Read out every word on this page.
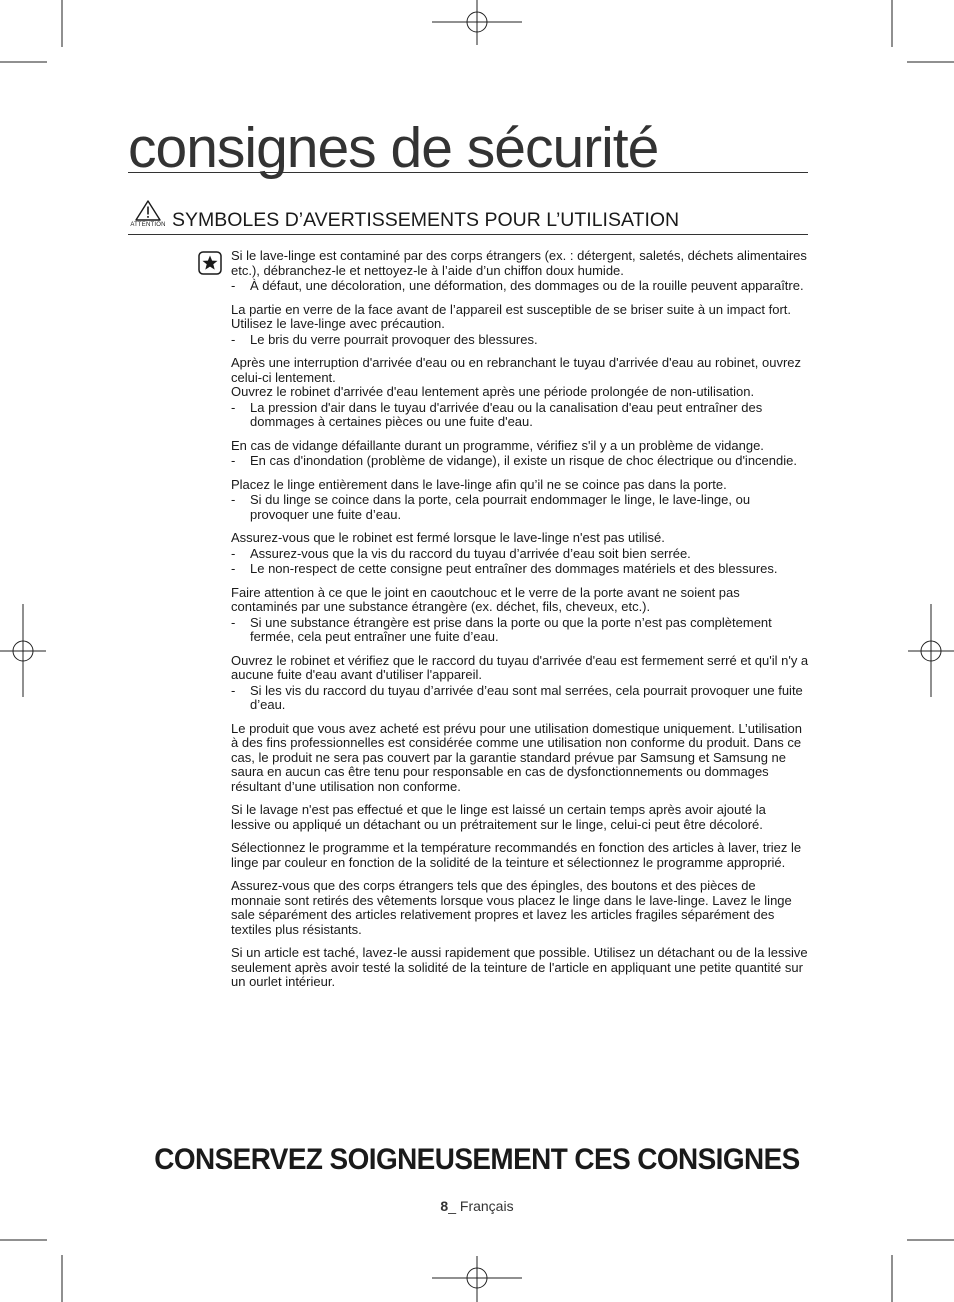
consignes de sécurité
ATTENTION SYMBOLES D’AVERTISSEMENTS POUR L’UTILISATION

Si le lave-linge est contaminé par des corps étrangers (ex. : détergent, saletés, déchets alimentaires etc.), débranchez-le et nettoyez-le à l’aide d’un chiffon doux humide.

-	À défaut, une décoloration, une déformation, des dommages ou de la rouille peuvent apparaître.

La partie en verre de la face avant de l’appareil est susceptible de se briser suite à un impact fort. Utilisez le lave-linge avec précaution.

-	Le bris du verre pourrait provoquer des blessures.

Après une interruption d'arrivée d'eau ou en rebranchant le tuyau d'arrivée d'eau au robinet, ouvrez celui-ci lentement.

Ouvrez le robinet d'arrivée d'eau lentement après une période prolongée de non-utilisation.

-	La pression d'air dans le tuyau d'arrivée d'eau ou la canalisation d'eau peut entraîner des dommages à certaines pièces ou une fuite d'eau.

En cas de vidange défaillante durant un programme, vérifiez s'il y a un problème de vidange.

-	En cas d'inondation (problème de vidange), il existe un risque de choc électrique ou d'incendie.

Placez le linge entièrement dans le lave-linge afin qu’il ne se coince pas dans la porte.

-	Si du linge se coince dans la porte, cela pourrait endommager le linge, le lave-linge, ou provoquer une fuite d’eau.

Assurez-vous que le robinet est fermé lorsque le lave-linge n'est pas utilisé.

-	Assurez-vous que la vis du raccord du tuyau d’arrivée d’eau soit bien serrée.
-	Le non-respect de cette consigne peut entraîner des dommages matériels et des blessures.

Faire attention à ce que le joint en caoutchouc et le verre de la porte avant ne soient pas contaminés par une substance étrangère (ex. déchet, fils, cheveux, etc.).

-	Si une substance étrangère est prise dans la porte ou que la porte n’est pas complètement fermée, cela peut entraîner une fuite d’eau.

Ouvrez le robinet et vérifiez que le raccord du tuyau d'arrivée d'eau est fermement serré et qu'il n'y a aucune fuite d'eau avant d'utiliser l'appareil.

-	Si les vis du raccord du tuyau d’arrivée d’eau sont mal serrées, cela pourrait provoquer une fuite d’eau.

Le produit que vous avez acheté est prévu pour une utilisation domestique uniquement. L’utilisation à des fins professionnelles est considérée comme une utilisation non conforme du produit. Dans ce cas, le produit ne sera pas couvert par la garantie standard prévue par Samsung et Samsung ne saura en aucun cas être tenu pour responsable en cas de dysfonctionnements ou dommages résultant d’une utilisation non conforme.

Si le lavage n'est pas effectué et que le linge est laissé un certain temps après avoir ajouté la lessive ou appliqué un détachant ou un prétraitement sur le linge, celui-ci peut être décoloré.

Sélectionnez le programme et la température recommandés en fonction des articles à laver, triez le linge par couleur en fonction de la solidité de la teinture et sélectionnez le programme approprié.

Assurez-vous que des corps étrangers tels que des épingles, des boutons et des pièces de monnaie sont retirés des vêtements lorsque vous placez le linge dans le lave-linge. Lavez le linge sale séparément des articles relativement propres et lavez les articles fragiles séparément des textiles plus résistants.

Si un article est taché, lavez-le aussi rapidement que possible. Utilisez un détachant ou de la lessive seulement après avoir testé la solidité de la teinture de l'article en appliquant une petite quantité sur un ourlet intérieur.

CONSERVEZ SOIGNEUSEMENT CES CONSIGNES
8_ Français
